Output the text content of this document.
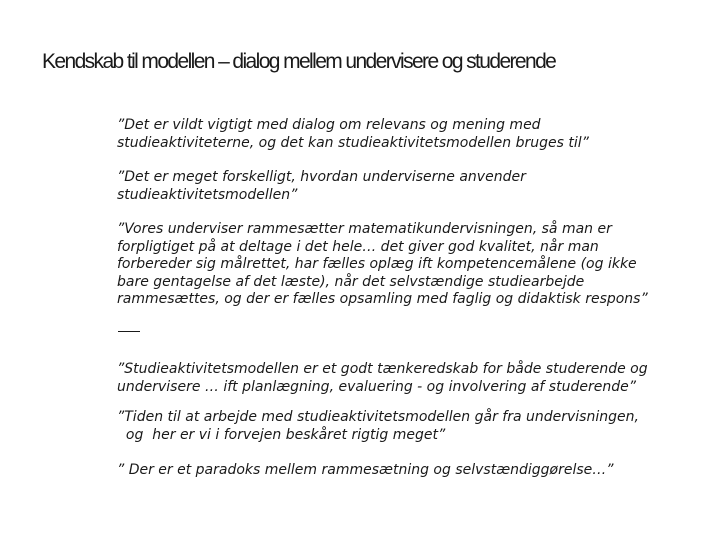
Kendskab til modellen – dialog mellem undervisere og studerende
”Det er vildt vigtigt med dialog om relevans og mening med
studieaktiviteterne, og det kan studieaktivitetsmodellen bruges til”
”Det er meget forskelligt, hvordan underviserne anvender
studieaktivitetsmodellen”
”Vores underviser rammesætter matematikundervisningen, så man er
forpligtiget på at deltage i det hele… det giver god kvalitet, når man
forbereder sig målrettet, har fælles oplæg ift kompetencemålene (og ikke
bare gentagelse af det læste), når det selvstændige studiearbejde
rammesættes, og der er fælles opsamling med faglig og didaktisk respons”
”Studieaktivitetsmodellen er et godt tænkeredskab for både studerende og
undervisere … ift planlægning, evaluering - og involvering af studerende”
”Tiden til at arbejde med studieaktivitetsmodellen går fra undervisningen,
og  her er vi i forvejen beskåret rigtig meget”
” Der er et paradoks mellem rammesætning og selvstændiggørelse…”
